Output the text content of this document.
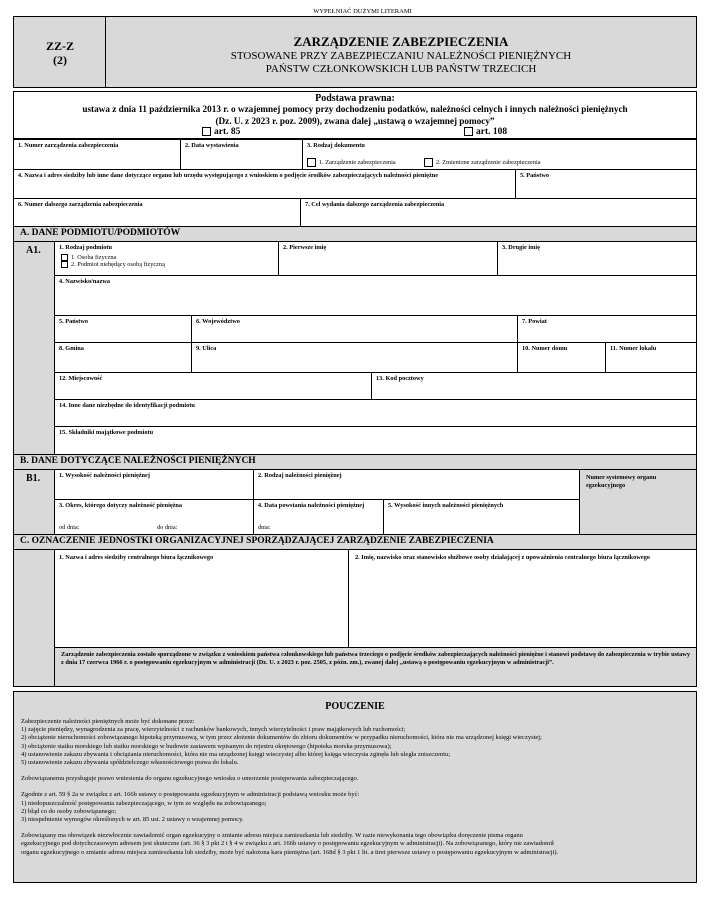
WYPEŁNIAĆ DUŻYMI LITERAMI
ZZ-Z
(2)
ZARZĄDZENIE ZABEZPIECZENIA
STOSOWANE PRZY ZABEZPIECZANIU NALEŻNOŚCI PIENIĘŻNYCH
PAŃSTW CZŁONKOWSKICH LUB PAŃSTW TRZECICH
Podstawa prawna:
ustawa z dnia 11 października 2013 r. o wzajemnej pomocy przy dochodzeniu podatków, należności celnych i innych należności pieniężnych
(Dz. U. z 2023 r. poz. 2009), zwana dalej „ustawą o wzajemnej pomocy”
art. 85	art. 108
1. Numer zarządzenia zabezpieczenia	2. Data wystawienia	3. Rodzaj dokumentu
1. Zarządzenie zabezpieczenia	2. Zmienione zarządzenie zabezpieczenia
4. Nazwa i adres siedziby lub inne dane dotyczące organu lub urzędu występującego z wnioskiem o podjęcie środków zabezpieczających należności pieniężne	5. Państwo
6. Numer dalszego zarządzenia zabezpieczenia	7. Cel wydania dalszego zarządzenia zabezpieczenia
A. DANE PODMIOTU/PODMIOTÓW
A1.	1. Rodzaj podmiotu
1. Osoba fizyczna
2. Podmiot niebędący osobą fizyczną
2. Pierwsze imię	3. Drugie imię
4. Nazwisko/nazwa
5. Państwo	6. Województwo	7. Powiat
8. Gmina	9. Ulica	10. Numer domu	11. Numer lokalu
12. Miejscowość	13. Kod pocztowy
14. Inne dane niezbędne do identyfikacji podmiotu
15. Składniki majątkowe podmiotu
B. DANE DOTYCZĄCE NALEŻNOŚCI PIENIĘŻNYCH
B1.	1. Wysokość należności pieniężnej	2. Rodzaj należności pieniężnej	Numer systemowy organu egzekucyjnego
3. Okres, którego dotyczy należność pieniężna
od dnia:	do dnia:
4. Data powstania należności pieniężnej
dnia:
5. Wysokość innych należności pieniężnych
C. OZNACZENIE JEDNOSTKI ORGANIZACYJNEJ SPORZĄDZAJĄCEJ ZARZĄDZENIE ZABEZPIECZENIA
1. Nazwa i adres siedziby centralnego biura łącznikowego	2. Imię, nazwisko oraz stanowisko służbowe osoby działającej z upoważnienia centralnego biura łącznikowego
Zarządzenie zabezpieczenia zostało sporządzone w związku z wnioskiem państwa członkowskiego lub państwa trzeciego o podjęcie środków zabezpieczających należności pieniężne i stanowi podstawę do zabezpieczenia w trybie ustawy z dnia 17 czerwca 1966 r. o postępowaniu egzekucyjnym w administracji (Dz. U. z 2023 r. poz. 2505, z późn. zm.), zwanej dalej „ustawą o postępowaniu egzekucyjnym w administracji”.
POUCZENIE

Zabezpieczenie należności pieniężnych może być dokonane przez:

1) zajęcie pieniędzy, wynagrodzenia za pracę, wierzytelności z rachunków bankowych, innych wierzytelności i praw majątkowych lub ruchomości;

2) obciążenie nieruchomości zobowiązanego hipoteką przymusową, w tym przez złożenie dokumentów do zbioru dokumentów w przypadku nieruchomości, która nie ma urządzonej księgi wieczystej;

3) obciążenie statku morskiego lub statku morskiego w budowie zastawem wpisanym do rejestru okrętowego (hipoteka morska przymusowa);

4) ustanowienie zakazu zbywania i obciążania nieruchomości, która nie ma urządzonej księgi wieczystej albo której księga wieczysta zginęła lub uległa zniszczeniu;

5) ustanowienie zakazu zbywania spółdzielczego własnościowego prawa do lokalu.

Zobowiązanemu przysługuje prawo wniesienia do organu egzekucyjnego wniosku o umorzenie postępowania zabezpieczającego.

Zgodnie z art. 59 § 2a w związku z art. 166b ustawy o postępowaniu egzekucyjnym w administracji podstawą wniosku może być:

1) niedopuszczalność postępowania zabezpieczającego, w tym ze względu na zobowiązanego;

2) błąd co do osoby zobowiązanego;

3) niespełnienie wymogów określonych w art. 85 ust. 2 ustawy o wzajemnej pomocy.

Zobowiązany ma obowiązek niezwłocznie zawiadomić organ egzekucyjny o zmianie adresu miejsca zamieszkania lub siedziby. W razie niewykonania tego obowiązku doręczenie pisma organu

egzekucyjnego pod dotychczasowym adresem jest skuteczne (art. 36 § 3 pkt 2 i § 4 w związku z art. 166b ustawy o postępowaniu egzekucyjnym w administracji). Na zobowiązanego, który nie zawiadomił

organu egzekucyjnego o zmianie adresu miejsca zamieszkania lub siedziby, może być nałożona kara pieniężna (art. 168d § 3 pkt 1 lit. a tiret pierwsze ustawy o postępowaniu egzekucyjnym w administracji).
